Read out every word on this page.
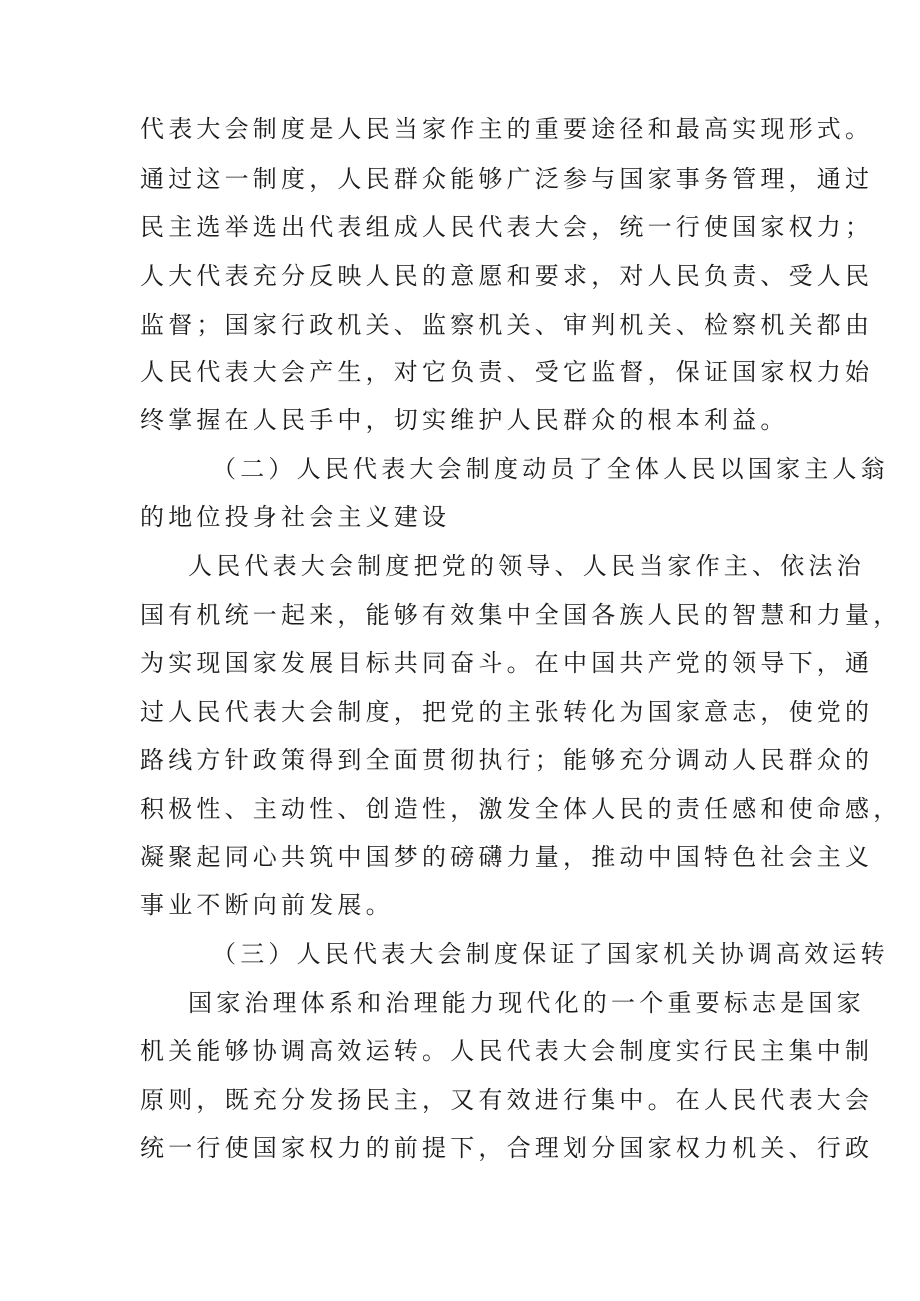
代表大会制度是人民当家作主的重要途径和最高实现形式。
通过这一制度，人民群众能够广泛参与国家事务管理，通过
民主选举选出代表组成人民代表大会，统一行使国家权力；
人大代表充分反映人民的意愿和要求，对人民负责、受人民
监督；国家行政机关、监察机关、审判机关、检察机关都由
人民代表大会产生，对它负责、受它监督，保证国家权力始
终掌握在人民手中，切实维护人民群众的根本利益。
（二）人民代表大会制度动员了全体人民以国家主人翁
的地位投身社会主义建设
人民代表大会制度把党的领导、人民当家作主、依法治
国有机统一起来，能够有效集中全国各族人民的智慧和力量，
为实现国家发展目标共同奋斗。在中国共产党的领导下，通
过人民代表大会制度，把党的主张转化为国家意志，使党的
路线方针政策得到全面贯彻执行；能够充分调动人民群众的
积极性、主动性、创造性，激发全体人民的责任感和使命感，
凝聚起同心共筑中国梦的磅礴力量，推动中国特色社会主义
事业不断向前发展。
（三）人民代表大会制度保证了国家机关协调高效运转
国家治理体系和治理能力现代化的一个重要标志是国家
机关能够协调高效运转。人民代表大会制度实行民主集中制
原则，既充分发扬民主，又有效进行集中。在人民代表大会
统一行使国家权力的前提下，合理划分国家权力机关、行政
